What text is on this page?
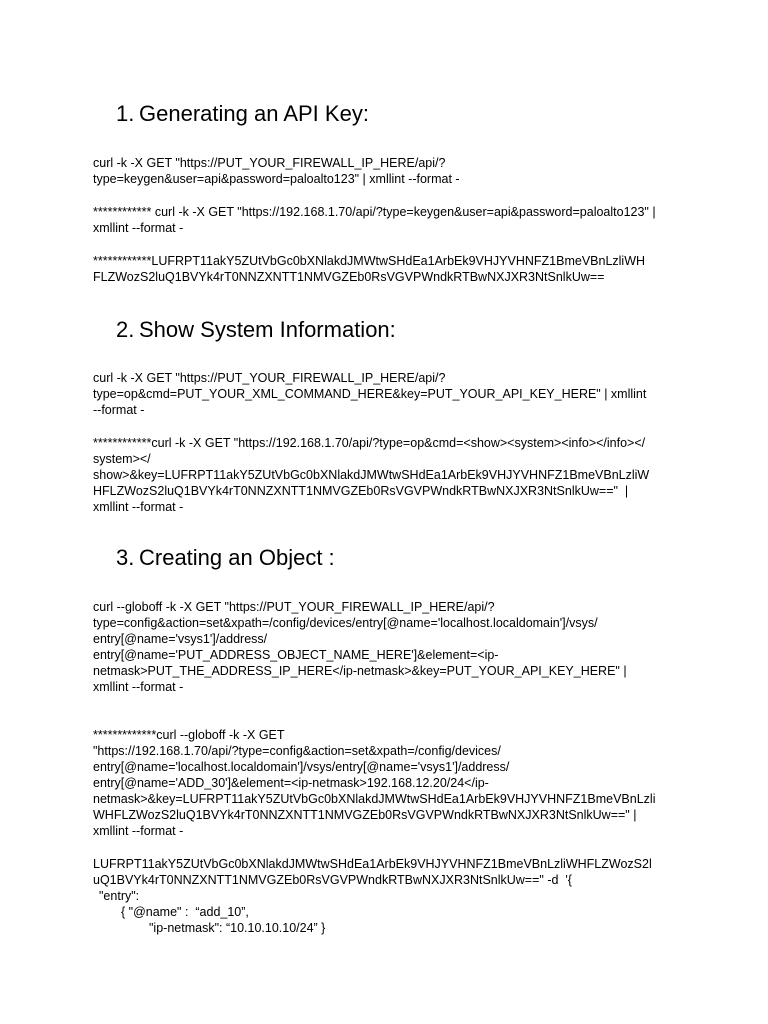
1. Generating an API Key:
curl -k -X GET "https://PUT_YOUR_FIREWALL_IP_HERE/api/?
type=keygen&user=api&password=paloalto123" | xmllint --format -
************ curl -k -X GET "https://192.168.1.70/api/?type=keygen&user=api&password=paloalto123" |
xmllint --format -
************LUFRPT11akY5ZUtVbGc0bXNlakdJMWtwSHdEa1ArbEk9VHJYVHNFZ1BmeVBnLzliWH
FLZWozS2luQ1BVYk4rT0NNZXNTT1NMVGZEb0RsVGVPWndkRTBwNXJXR3NtSnlkUw==
2. Show System Information:
curl -k -X GET "https://PUT_YOUR_FIREWALL_IP_HERE/api/?
type=op&cmd=PUT_YOUR_XML_COMMAND_HERE&key=PUT_YOUR_API_KEY_HERE" | xmllint
--format -
************curl -k -X GET "https://192.168.1.70/api/?type=op&cmd=<show><system><info></info></
system></
show>&key=LUFRPT11akY5ZUtVbGc0bXNlakdJMWtwSHdEa1ArbEk9VHJYVHNFZ1BmeVBnLzliW
HFLZWozS2luQ1BVYk4rT0NNZXNTT1NMVGZEb0RsVGVPWndkRTBwNXJXR3NtSnlkUw=="  |
xmllint --format -
3. Creating an Object :
curl --globoff -k -X GET "https://PUT_YOUR_FIREWALL_IP_HERE/api/?
type=config&action=set&xpath=/config/devices/entry[@name='localhost.localdomain']/vsys/
entry[@name='vsys1']/address/
entry[@name='PUT_ADDRESS_OBJECT_NAME_HERE']&element=<ip-
netmask>PUT_THE_ADDRESS_IP_HERE</ip-netmask>&key=PUT_YOUR_API_KEY_HERE" |
xmllint --format -
*************curl --globoff -k -X GET
"https://192.168.1.70/api/?type=config&action=set&xpath=/config/devices/
entry[@name='localhost.localdomain']/vsys/entry[@name='vsys1']/address/
entry[@name='ADD_30']&element=<ip-netmask>192.168.12.20/24</ip-
netmask>&key=LUFRPT11akY5ZUtVbGc0bXNlakdJMWtwSHdEa1ArbEk9VHJYVHNFZ1BmeVBnLzli
WHFLZWozS2luQ1BVYk4rT0NNZXNTT1NMVGZEb0RsVGVPWndkRTBwNXJXR3NtSnlkUw==" |
xmllint --format -
LUFRPT11akY5ZUtVbGc0bXNlakdJMWtwSHdEa1ArbEk9VHJYVHNFZ1BmeVBnLzliWHFLZWozS2l
uQ1BVYk4rT0NNZXNTT1NMVGZEb0RsVGVPWndkRTBwNXJXR3NtSnlkUw==" -d  '{
"entry":
{ "@name" :  “add_10”,
"ip-netmask": “10.10.10.10/24” }
